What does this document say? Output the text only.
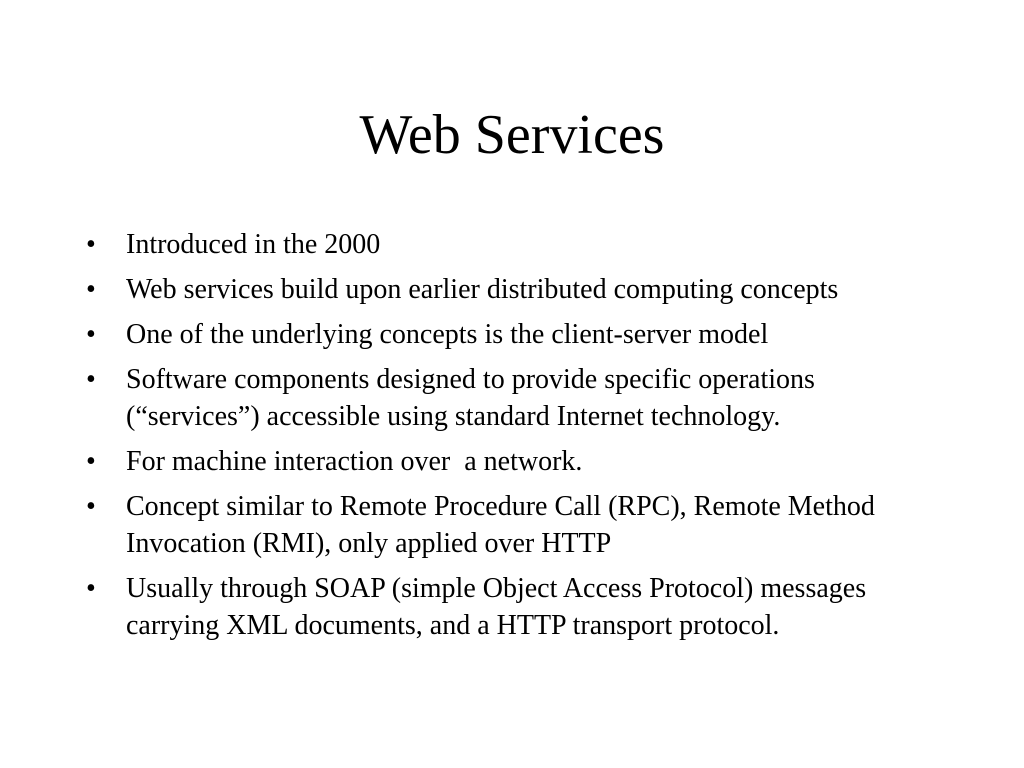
Web Services
•	Introduced in the 2000
•	Web services build upon earlier distributed computing concepts
•	One of the underlying concepts is the client-server model
•	Software components designed to provide specific operations (“services”) accessible using standard Internet technology.
•	For machine interaction over  a network.
•	Concept similar to Remote Procedure Call (RPC), Remote Method Invocation (RMI), only applied over HTTP
•	Usually through SOAP (simple Object Access Protocol) messages carrying XML documents, and a HTTP transport protocol.
